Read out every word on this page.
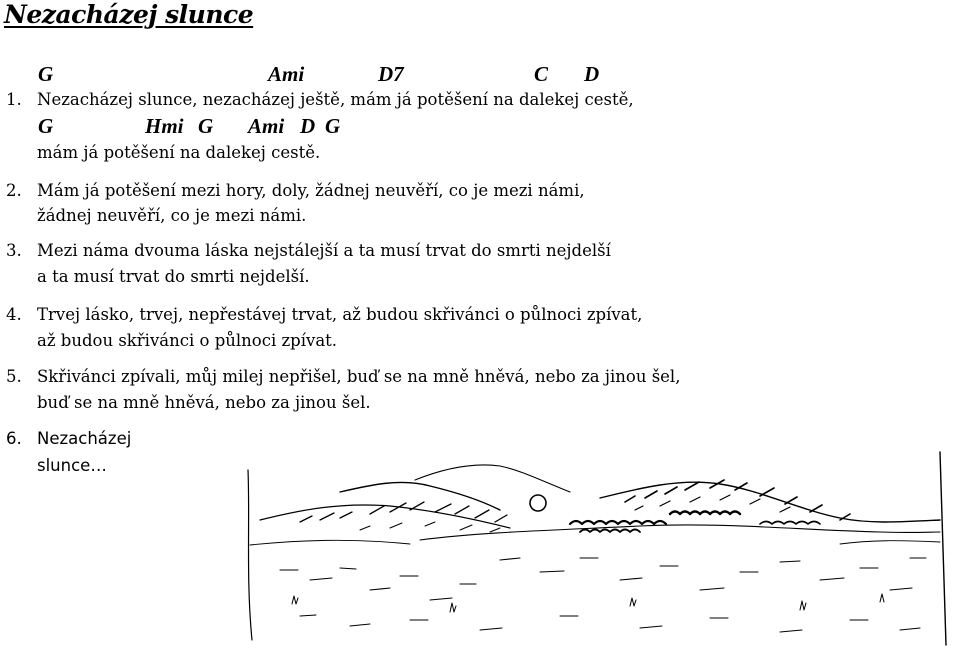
Nezacházej slunce
G	Ami	D7	C D
1. Nezacházej slunce, nezacházej ještě, mám já potěšení na dalekej cestě,
G	Hmi G Ami D G
mám já potěšení na dalekej cestě.
2. Mám já potěšení mezi hory, doly, žádnej neuvěří, co je mezi námi,
žádnej neuvěří, co je mezi námi.
3. Mezi náma dvouma láska nejstálejší a ta musí trvat do smrti nejdelší
a ta musí trvat do smrti nejdelší.
4. Trvej lásko, trvej, nepřestávej trvat, až budou skřivánci o půlnoci zpívat,
až budou skřivánci o půlnoci zpívat.
5. Skřivánci zpívali, můj milej nepřišel, buď se na mně hněvá, nebo za jinou šel,
buď se na mně hněvá, nebo za jinou šel.
6. Nezacházej
slunce…
